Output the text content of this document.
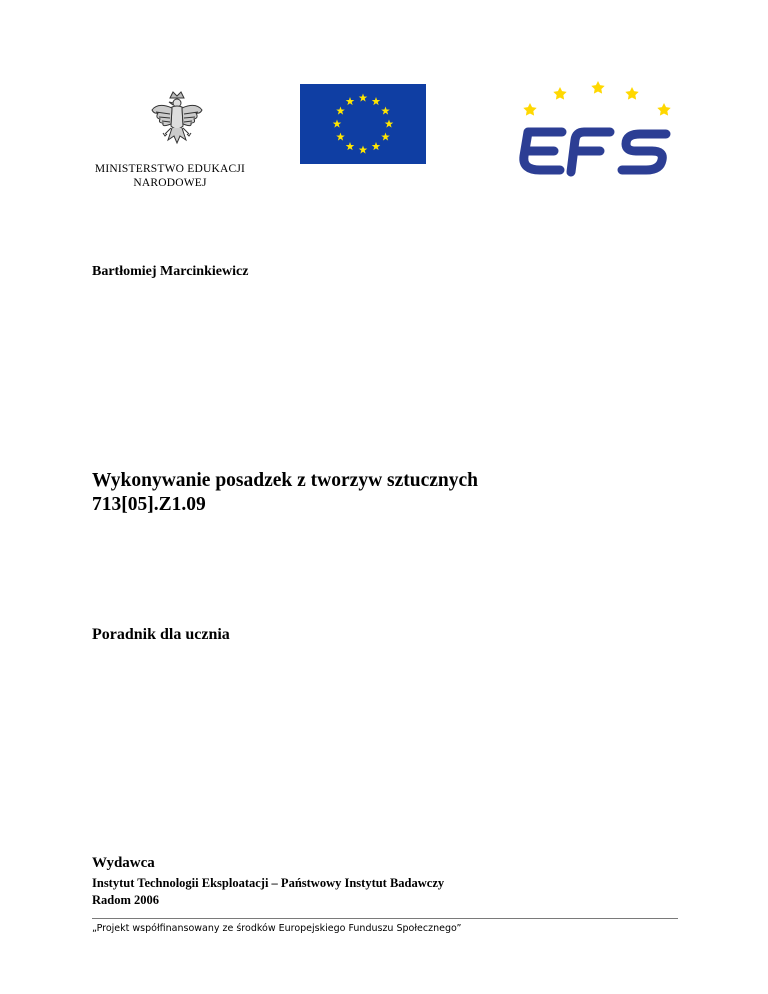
MINISTERSTWO EDUKACJI
NARODOWEJ
Bartłomiej Marcinkiewicz
Wykonywanie posadzek z tworzyw sztucznych
713[05].Z1.09
Poradnik dla ucznia
Wydawca
Instytut Technologii Eksploatacji – Państwowy Instytut Badawczy
Radom 2006
„Projekt współfinansowany ze środków Europejskiego Funduszu Społecznego”
